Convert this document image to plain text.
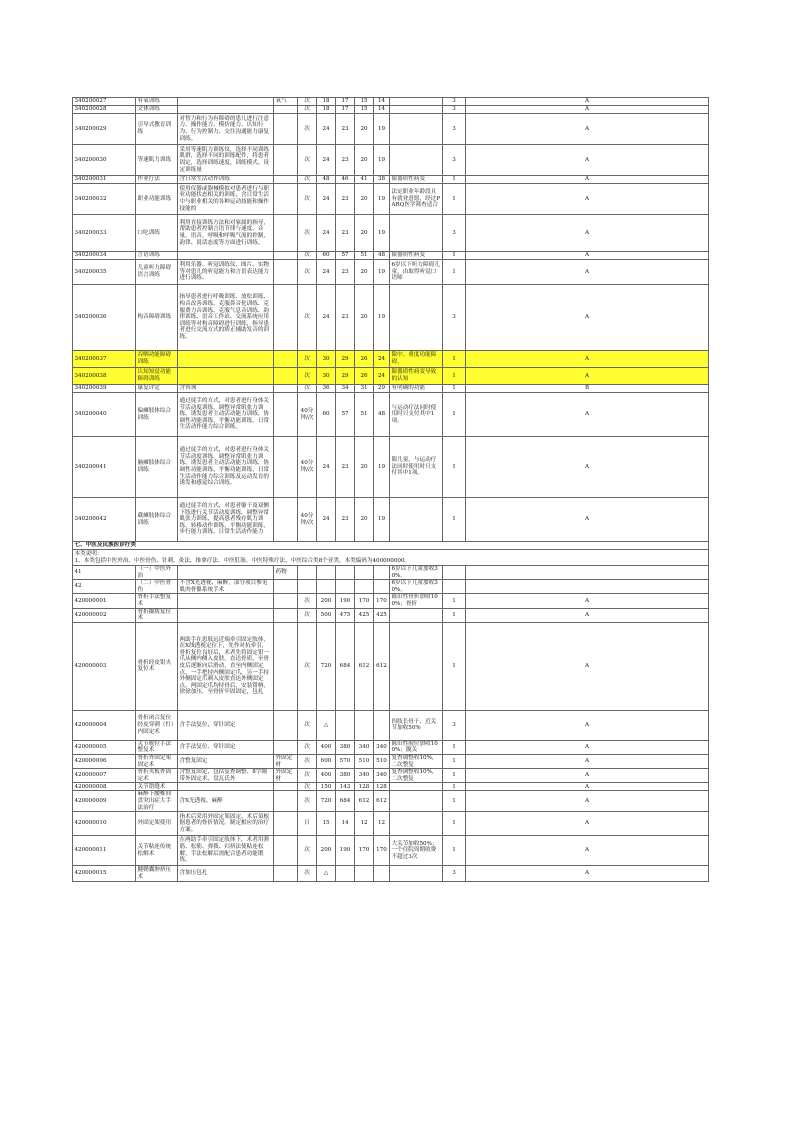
340200027	有氧训练		氧气	次	18	17	15	14		3	A
340200028	文体训练			次	18	17	15	14		3	A
340200029	引导式教育训练	对智力和行为有障碍的患儿进行注意力、操作能力、模仿能力、认知行为、行为控制力、交往沟通能力康复训练。		次	24	23	20	19		3	A
340200030	等速肌力训练	采用等速肌力训练仪，选择不同训练肌群，选择不同的训练配件，将患者固定，选择训练速度，训练模式，设定训练量		次	24	23	20	19		3	A
340200031	作业疗法	含日常生活动作训练		次	48	46	41	38	限器质性病变	1	A
340200032	职业功能训练	使用仪器或器械模拟对患者进行与职业功能状态相关的训练，含日常生活中与职业相关的各种运动技能和操作技能的		次	24	23	20	19	法定职业年龄段且有就业意愿，经过PARQ医学筛查适合	1	A
340200033	口吃训练	利用直接训练方法和对家属的指导，帮助患者控制言语节律与速度、音量、语音、呼吸和呼吸气流的控制，韵律、说话态度等方面进行训练。		次	24	23	20	19		3	A
340200034	言语训练			次	60	57	51	48	限器质性病变	1	A
340200035	儿童听力障碍语言训练	利用乐器、听觉训练仪、图片、实物等对患儿的听觉能力和言语表达能力进行训练。		次	24	23	20	19	6岁以下听力障碍儿童，由取得听觉口语师	1	A
340200036	构音障碍训练	指导患者进行呼吸训练、放松训练、构音改善训练、克服鼻音化训练、克服费力音训练、克服气息音训练、韵律训练、语音工作站、交流系统应用训练等对构音障碍进行训练，指导患者进行交流方式的矫正辅助发音的训练。		次	24	23	20	19		3	A
340200037	吞咽功能障碍训练			次	30	29	26	24	限中、重度功能障碍。	1	A
340200038	认知知觉功能障碍训练			次	30	29	26	24	限器质性病变导致的认知	1	A
340200039	康复评定	含咨询		次	36	34	31	29	有明确的功能	1	B
340200040	偏瘫肢体综合训练	通过徒手的方式，对患者进行身体关节活动度训练，调整异常肌张力训练，诱发患者主动活动能力训练，协调性功能训练，平衡功能训练，日常生活动作能力综合训练。		40分钟/次	60	57	51	48	与运动疗法同时使用时只支付其中1项。	1	A
340200041	脑瘫肢体综合训练	通过徒手的方式，对患者进行身体关节活动度训练，调整异常肌张力训练，诱发患者主动活动能力训练，协调性功能训练，平衡功能训练，日常生活动作能力综合训练及运动发育的诱发和感觉综合训练。		40分钟/次	24	23	20	19	限儿童，与运动疗法同时使用时只支付其中1项。	1	A
340200042	截瘫肢体综合训练	通过徒手的方式，对患者躯干及双侧下肢进行关节活动度训练，调整异常肌张力训练，提高患者残存肌力训练，转移动作训练，平衡功能训练，步行能力训练，日常生活动作能力		40分钟/次	24	23	20	19		1	A
七、中医及民族医诊疗类											

本类说明：
1、本类包括中医外治、中医骨伤、针刺、灸法、推拿疗法、中医肛肠、中医特殊疗法、中医综合类8个亚类。本类编码为400000000。											

41	（一）中医外治		药物						6岁以下儿童加收30%。		
42	（二）中医骨伤	不含X光透视、麻醉，部分项目参见肌肉骨骼系统手术							6岁以下儿童加收30%。		
420000001	骨折手法整复术			次	200	190	170	170	陈旧性骨折加收100%；骨折	1	A
420000002	骨折撬拨复位术			次	500	475	425	425		1	A
420000003	骨折经皮钳夹复位术	两助手在患肢远近端牵引固定肢体，在X线透视定位下，先作对抗牵引，骨折复位良好后，术者先将固定钳一爪从侧内侧入皮肤，直达骨质，至骨皮后逐渐向后滑动，直至内侧固定点，一手把持内侧固定爪，另一手持外侧固定爪刺入皮肤直达外侧固定点，两固定爪均持骨后，安装钳柄，徐徐加压，至骨折牢固固定，包扎		次	720	684	612	612		1	A
420000004	骨折闭合复位经皮穿刺（钉）内固定术	含手法复位，穿针固定		次	△				四肢长骨干、近关节加收50%	3	A
420000005	关节脱位手法整复术	含手法复位、穿针固定		次	400	380	340	340	陈旧性脱位加收100%；髋关	1	A
420000006	骨折外固定架固定术	含整复固定	外固定材	次	600	570	510	510	复查调整收10%，二次整复	1	A
420000007	骨折夹板外固定术	含整复固定，包括复查调整、8字绷带外固定术、盘瓦氏外	外固定材	次	400	380	340	340	复查调整收10%，二次整复	1	A
420000008	关节错缝术			次	150	143	128	128		1	A
420000009	麻醉下腰椎间盘突出症大手法治疗	含X光透视、麻醉		次	720	684	612	612		1	A
420000010	外固定架使用	指术后采用外固定架固定，术后須根据患者的骨折情况，制定相应的治疗方案。		日	15	14	12	12		1	A
420000011	关节粘连传统松解术	在两助手牵引固定肢体下，术者用弹筋、松筋、弹拨、归挤法使粘连松解，手法松解后需配合患者功能锻炼。		次	200	190	170	170	大关节加收50%；一个住院周期收费不超过3次	1	A
420000015	腱鞘囊肿挤压术	含加压包扎		次	△					3	A
